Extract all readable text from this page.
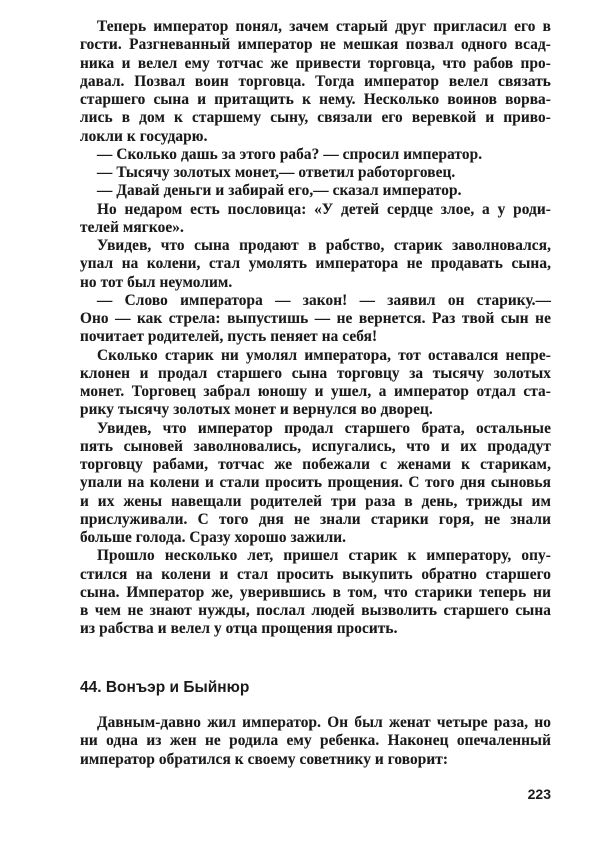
Теперь император понял, зачем старый друг пригласил его в
гости. Разгневанный император не мешкая позвал одного всад-
ника и велел ему тотчас же привести торговца, что рабов про-
давал. Позвал воин торговца. Тогда император велел связать
старшего сына и притащить к нему. Несколько воинов ворва-
лись в дом к старшему сыну, связали его веревкой и приво-
локли к государю.
— Сколько дашь за этого раба? — спросил император.
— Тысячу золотых монет,— ответил работорговец.
— Давай деньги и забирай его,— сказал император.
Но недаром есть пословица: «У детей сердце злое, а у роди-
телей мягкое».
Увидев, что сына продают в рабство, старик заволновался,
упал на колени, стал умолять императора не продавать сына,
но тот был неумолим.
— Слово императора — закон! — заявил он старику.—
Оно — как стрела: выпустишь — не вернется. Раз твой сын не
почитает родителей, пусть пеняет на себя!
Сколько старик ни умолял императора, тот оставался непре-
клонен и продал старшего сына торговцу за тысячу золотых
монет. Торговец забрал юношу и ушел, а император отдал ста-
рику тысячу золотых монет и вернулся во дворец.
Увидев, что император продал старшего брата, остальные
пять сыновей заволновались, испугались, что и их продадут
торговцу рабами, тотчас же побежали с женами к старикам,
упали на колени и стали просить прощения. С того дня сыновья
и их жены навещали родителей три раза в день, трижды им
прислуживали. С того дня не знали старики горя, не знали
больше голода. Сразу хорошо зажили.
Прошло несколько лет, пришел старик к императору, опу-
стился на колени и стал просить выкупить обратно старшего
сына. Император же, уверившись в том, что старики теперь ни
в чем не знают нужды, послал людей вызволить старшего сына
из рабства и велел у отца прощения просить.
44. Вонъэр и Быйнюр
Давным-давно жил император. Он был женат четыре раза, но
ни одна из жен не родила ему ребенка. Наконец опечаленный
император обратился к своему советнику и говорит:
223
